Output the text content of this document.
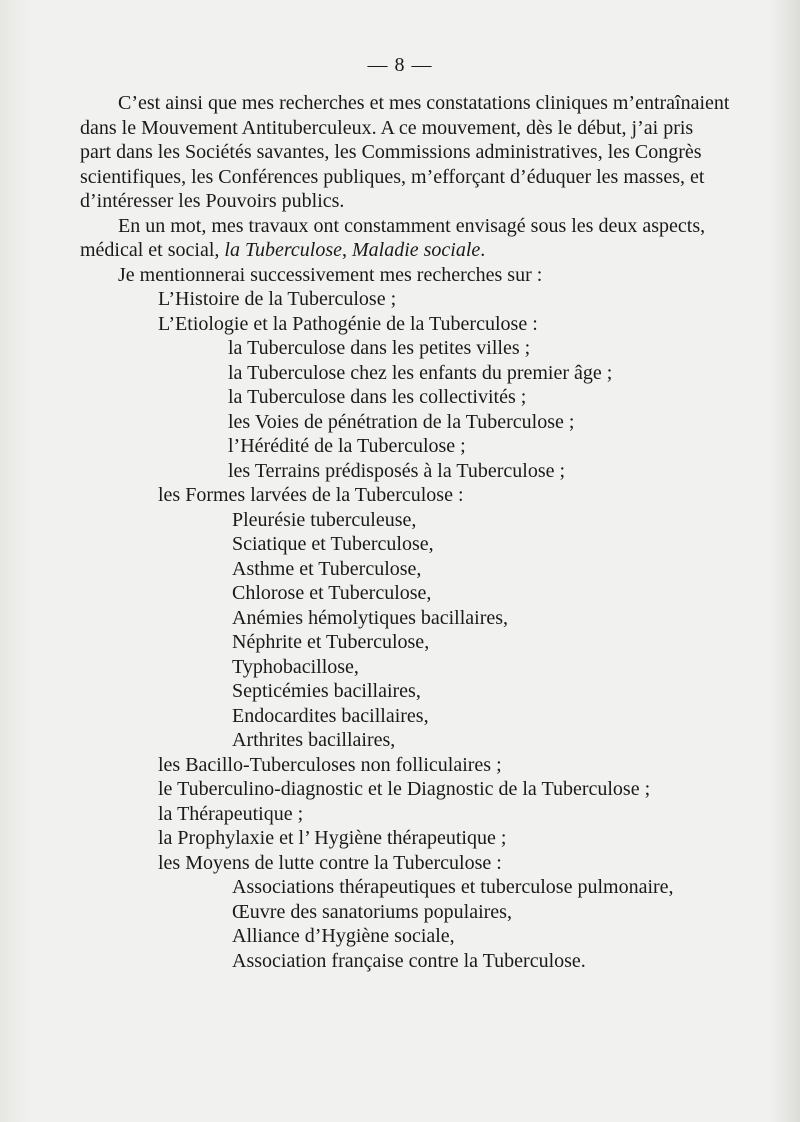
— 8 —
C’est ainsi que mes recherches et mes constatations cliniques m’entraînaient
dans le Mouvement Antituberculeux. A ce mouvement, dès le début, j’ai pris
part dans les Sociétés savantes, les Commissions administratives, les Congrès
scientifiques, les Conférences publiques, m’efforçant d’éduquer les masses, et
d’intéresser les Pouvoirs publics.
En un mot, mes travaux ont constamment envisagé sous les deux aspects,
médical et social, la Tuberculose, Maladie sociale.
Je mentionnerai successivement mes recherches sur :
L’Histoire de la Tuberculose ;
L’Etiologie et la Pathogénie de la Tuberculose :
la Tuberculose dans les petites villes ;
la Tuberculose chez les enfants du premier âge ;
la Tuberculose dans les collectivités ;
les Voies de pénétration de la Tuberculose ;
l’Hérédité de la Tuberculose ;
les Terrains prédisposés à la Tuberculose ;
les Formes larvées de la Tuberculose :
Pleurésie tuberculeuse,
Sciatique et Tuberculose,
Asthme et Tuberculose,
Chlorose et Tuberculose,
Anémies hémolytiques bacillaires,
Néphrite et Tuberculose,
Typhobacillose,
Septicémies bacillaires,
Endocardites bacillaires,
Arthrites bacillaires,
les Bacillo-Tuberculoses non folliculaires ;
le Tuberculino-diagnostic et le Diagnostic de la Tuberculose ;
la Thérapeutique ;
la Prophylaxie et l’ Hygiène thérapeutique ;
les Moyens de lutte contre la Tuberculose :
Associations thérapeutiques et tuberculose pulmonaire,
Œuvre des sanatoriums populaires,
Alliance d’Hygiène sociale,
Association française contre la Tuberculose.
